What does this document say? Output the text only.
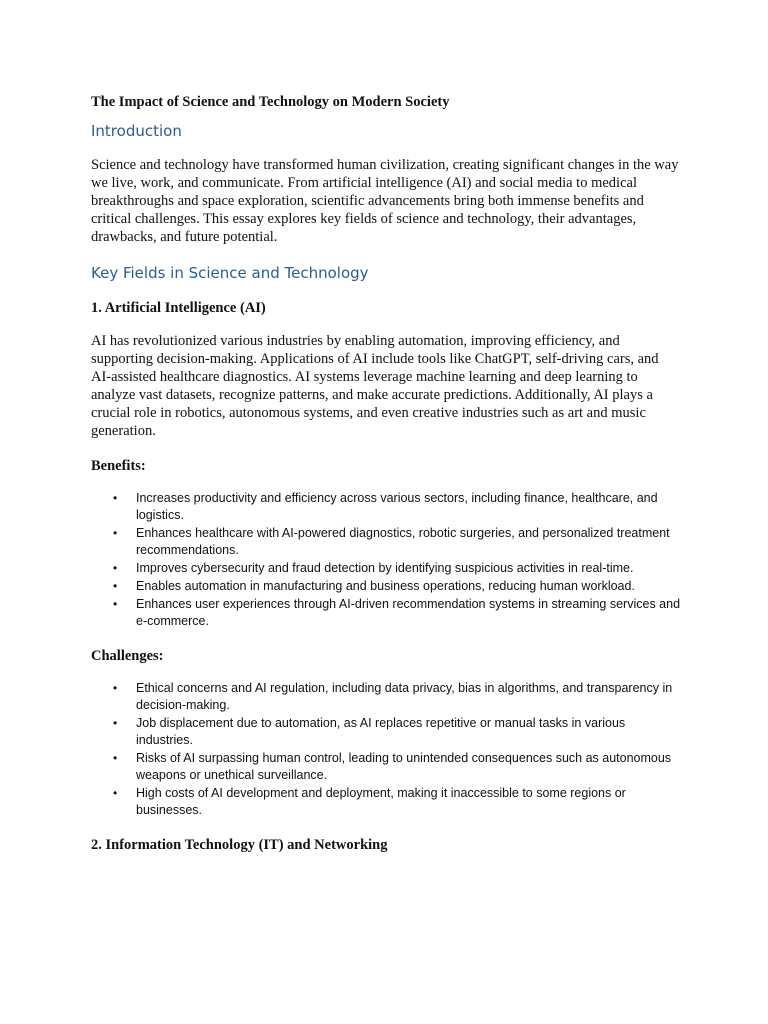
The Impact of Science and Technology on Modern Society

Introduction

Science and technology have transformed human civilization, creating significant changes in the way we live, work, and communicate. From artificial intelligence (AI) and social media to medical breakthroughs and space exploration, scientific advancements bring both immense benefits and critical challenges. This essay explores key fields of science and technology, their advantages, drawbacks, and future potential.

Key Fields in Science and Technology

1. Artificial Intelligence (AI)

AI has revolutionized various industries by enabling automation, improving efficiency, and supporting decision-making. Applications of AI include tools like ChatGPT, self-driving cars, and AI-assisted healthcare diagnostics. AI systems leverage machine learning and deep learning to analyze vast datasets, recognize patterns, and make accurate predictions. Additionally, AI plays a crucial role in robotics, autonomous systems, and even creative industries such as art and music generation.

Benefits:

• Increases productivity and efficiency across various sectors, including finance, healthcare, and logistics.
• Enhances healthcare with AI-powered diagnostics, robotic surgeries, and personalized treatment recommendations.
• Improves cybersecurity and fraud detection by identifying suspicious activities in real-time.
• Enables automation in manufacturing and business operations, reducing human workload.
• Enhances user experiences through AI-driven recommendation systems in streaming services and e-commerce.

Challenges:

• Ethical concerns and AI regulation, including data privacy, bias in algorithms, and transparency in decision-making.
• Job displacement due to automation, as AI replaces repetitive or manual tasks in various industries.
• Risks of AI surpassing human control, leading to unintended consequences such as autonomous weapons or unethical surveillance.
• High costs of AI development and deployment, making it inaccessible to some regions or businesses.

2. Information Technology (IT) and Networking
